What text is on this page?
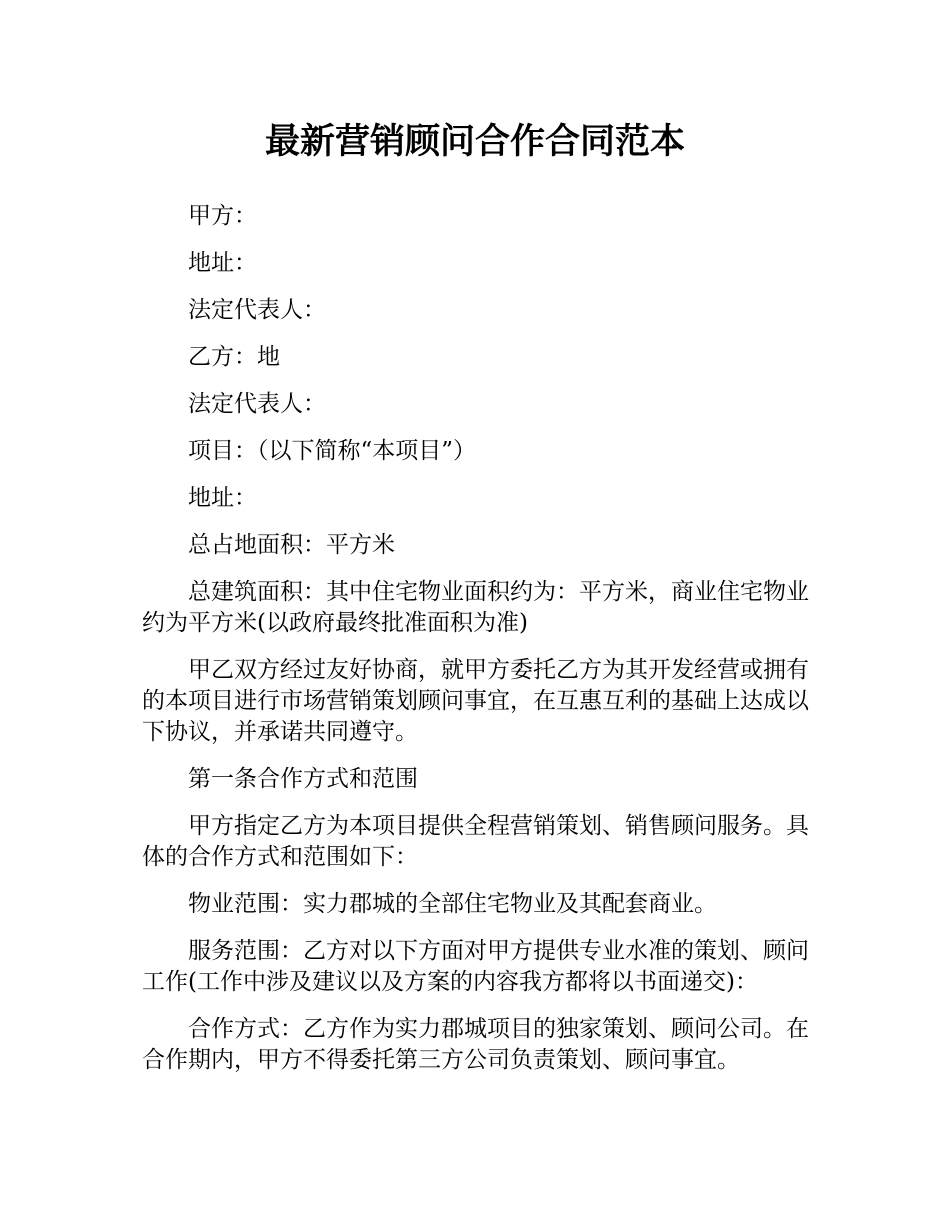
最新营销顾问合作合同范本

甲方：

地址：

法定代表人：

乙方：地

法定代表人：

项目：（以下简称“本项目”）

地址：

总占地面积：平方米

总建筑面积：其中住宅物业面积约为：平方米，商业住宅物业约为平方米(以政府最终批准面积为准)

甲乙双方经过友好协商，就甲方委托乙方为其开发经营或拥有的本项目进行市场营销策划顾问事宜，在互惠互利的基础上达成以下协议，并承诺共同遵守。

第一条合作方式和范围

甲方指定乙方为本项目提供全程营销策划、销售顾问服务。具体的合作方式和范围如下：

物业范围：实力郡城的全部住宅物业及其配套商业。

服务范围：乙方对以下方面对甲方提供专业水准的策划、顾问工作(工作中涉及建议以及方案的内容我方都将以书面递交)：

合作方式：乙方作为实力郡城项目的独家策划、顾问公司。在合作期内，甲方不得委托第三方公司负责策划、顾问事宜。
